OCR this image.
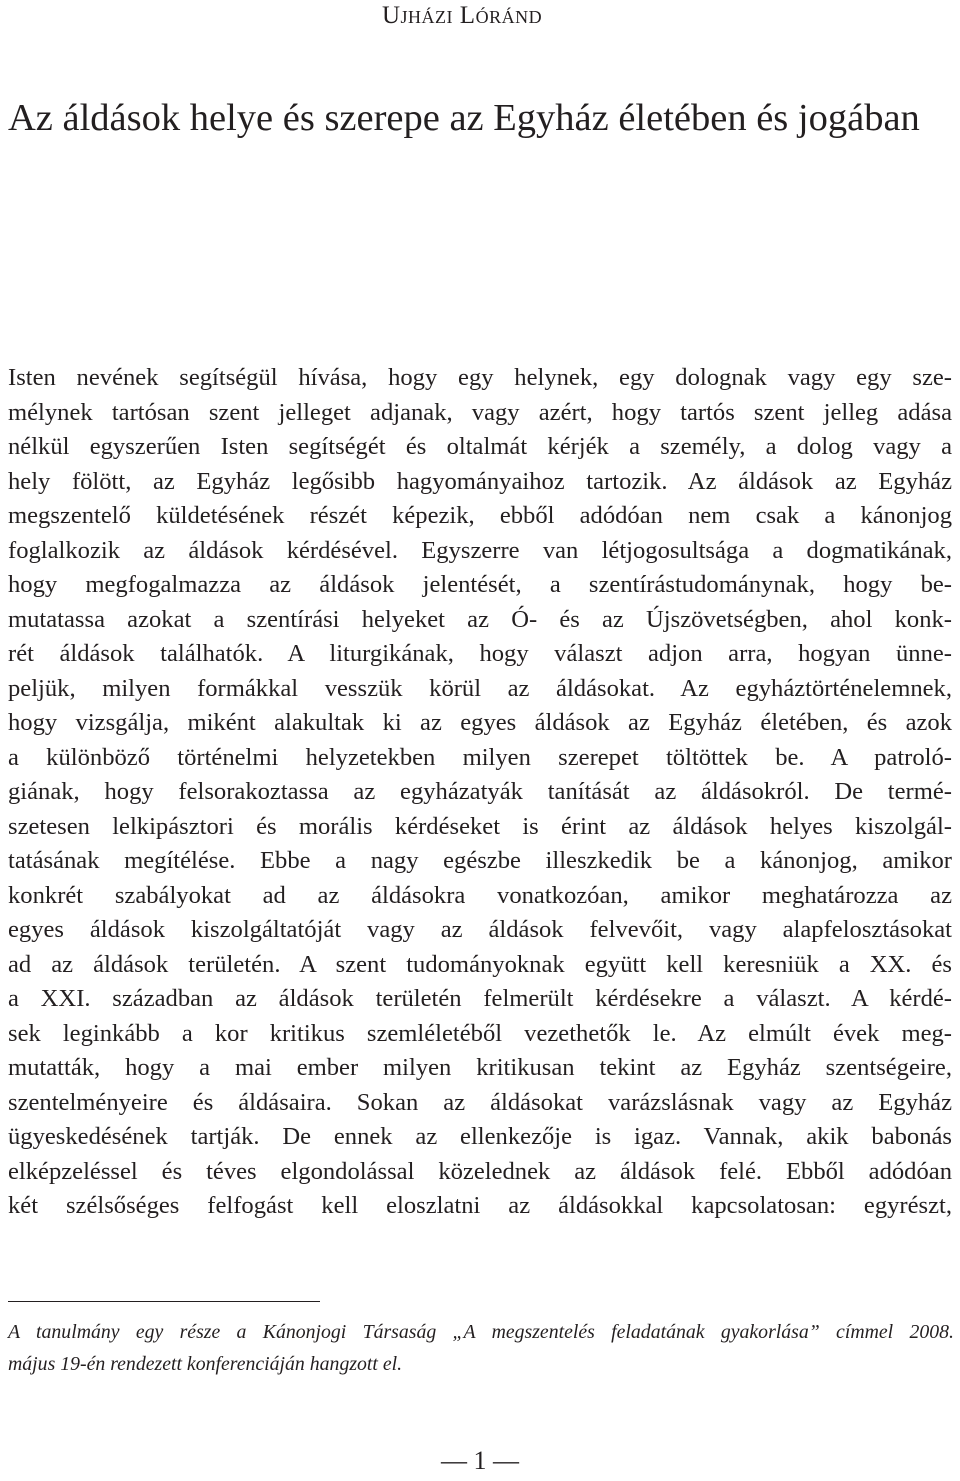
Ujházi Lóránd
Az áldások helye és szerepe az Egyház életében és jogában
Isten nevének segítségül hívása, hogy egy helynek, egy dolognak vagy egy sze-
mélynek tartósan szent jelleget adjanak, vagy azért, hogy tartós szent jelleg adása
nélkül egyszerűen Isten segítségét és oltalmát kérjék a személy, a dolog vagy a
hely fölött, az Egyház legősibb hagyományaihoz tartozik. Az áldások az Egyház
megszentelő küldetésének részét képezik, ebből adódóan nem csak a kánonjog
foglalkozik az áldások kérdésével. Egyszerre van létjogosultsága a dogmatikának,
hogy megfogalmazza az áldások jelentését, a szentírástudománynak, hogy be-
mutatassa azokat a szentírási helyeket az Ó- és az Újszövetségben, ahol konk-
rét áldások találhatók. A liturgikának, hogy választ adjon arra, hogyan ünne-
peljük, milyen formákkal vesszük körül az áldásokat. Az egyháztörténelemnek,
hogy vizsgálja, miként alakultak ki az egyes áldások az Egyház életében, és azok
a különböző történelmi helyzetekben milyen szerepet töltöttek be. A patroló-
giának, hogy felsorakoztassa az egyházatyák tanítását az áldásokról. De termé-
szetesen lelkipásztori és morális kérdéseket is érint az áldások helyes kiszolgál-
tatásának megítélése. Ebbe a nagy egészbe illeszkedik be a kánonjog, amikor
konkrét szabályokat ad az áldásokra vonatkozóan, amikor meghatározza az
egyes áldások kiszolgáltatóját vagy az áldások felvevőit, vagy alapfelosztásokat
ad az áldások területén. A szent tudományoknak együtt kell keresniük a XX. és
a XXI. században az áldások területén felmerült kérdésekre a választ. A kérdé-
sek leginkább a kor kritikus szemléletéből vezethetők le. Az elmúlt évek meg-
mutatták, hogy a mai ember milyen kritikusan tekint az Egyház szentségeire,
szentelményeire és áldásaira. Sokan az áldásokat varázslásnak vagy az Egyház
ügyeskedésének tartják. De ennek az ellenkezője is igaz. Vannak, akik babonás
elképzeléssel és téves elgondolással közelednek az áldások felé. Ebből adódóan
két szélsőséges felfogást kell eloszlatni az áldásokkal kapcsolatosan: egyrészt,
A tanulmány egy része a Kánonjogi Társaság „A megszentelés feladatának gyakorlása” címmel 2008.
május 19-én rendezett konferenciáján hangzott el.
— 1 —
